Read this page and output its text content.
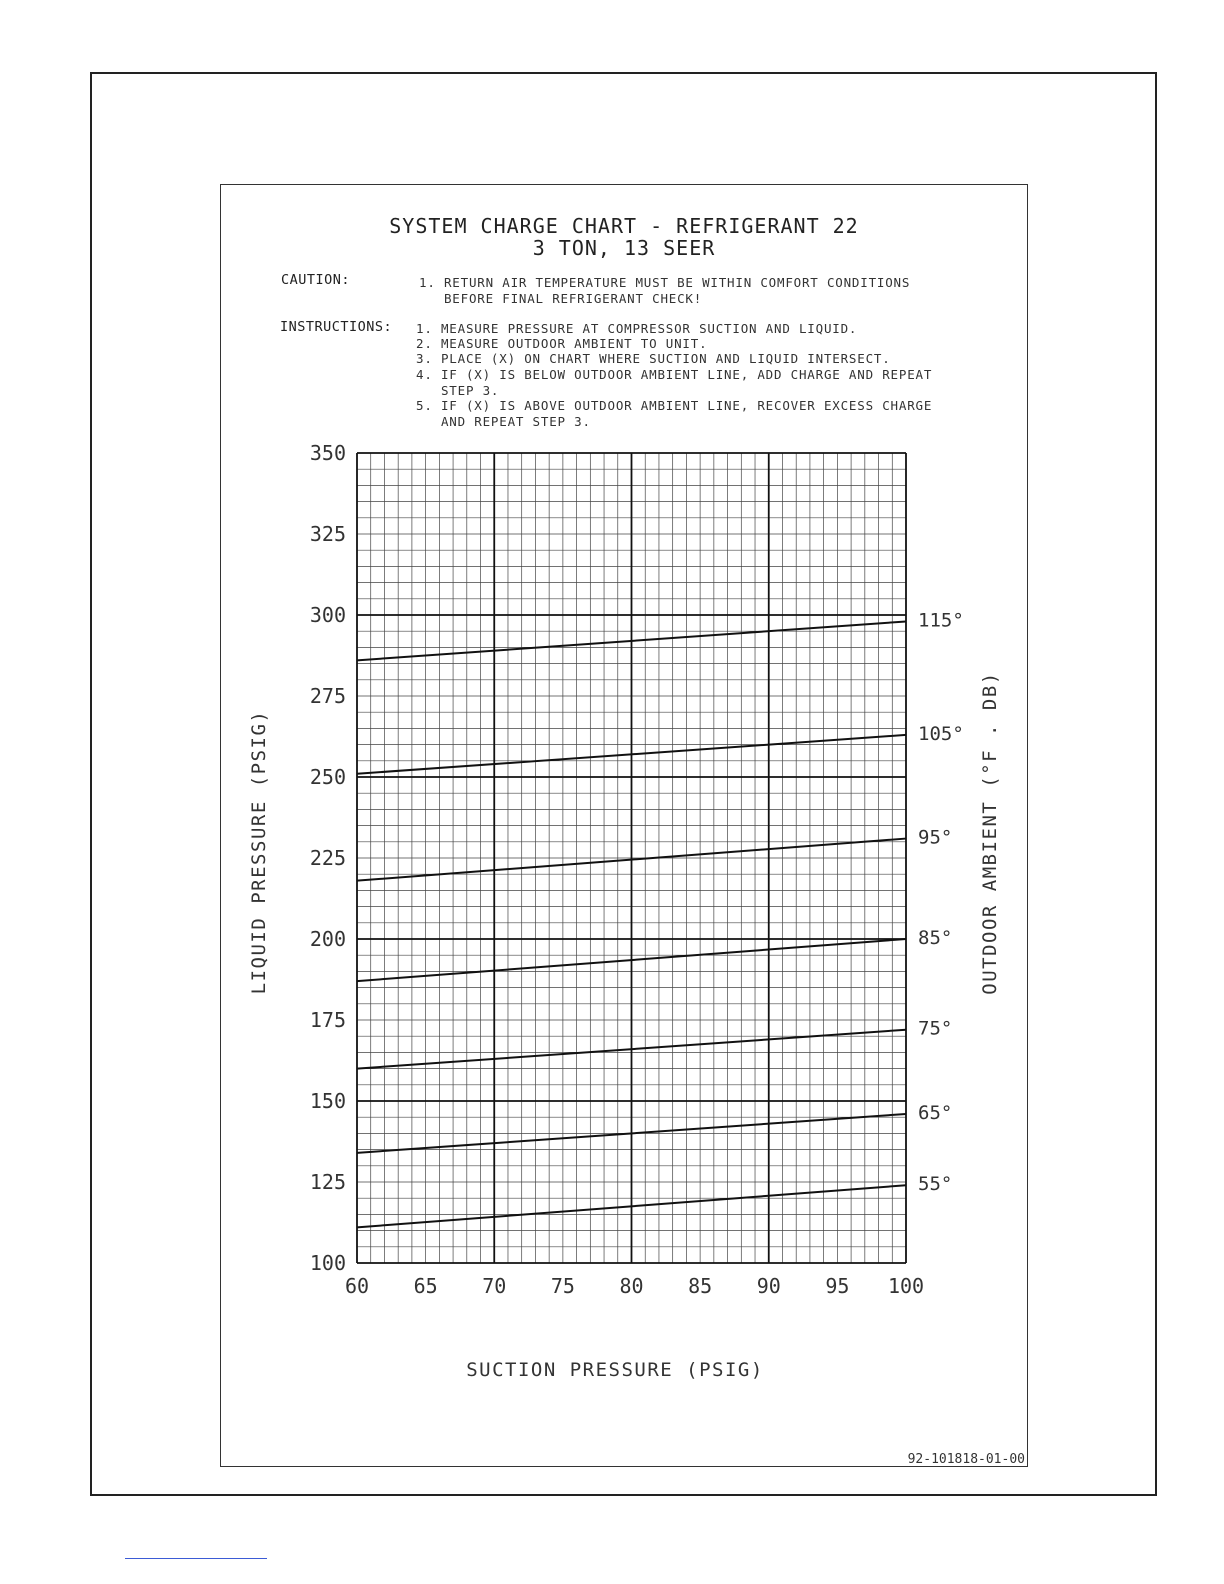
SYSTEM CHARGE CHART - REFRIGERANT 22
3 TON, 13 SEER
CAUTION:	1. RETURN AIR TEMPERATURE MUST BE WITHIN COMFORT CONDITIONS
BEFORE FINAL REFRIGERANT CHECK!
INSTRUCTIONS: 1. MEASURE PRESSURE AT COMPRESSOR SUCTION AND LIQUID.
2. MEASURE OUTDOOR AMBIENT TO UNIT.
3. PLACE (X) ON CHART WHERE SUCTION AND LIQUID INTERSECT.
4. IF (X) IS BELOW OUTDOOR AMBIENT LINE, ADD CHARGE AND REPEAT
STEP 3.
5. IF (X) IS ABOVE OUTDOOR AMBIENT LINE, RECOVER EXCESS CHARGE
AND REPEAT STEP 3.
60 65 70 75 80 85 90 95 100
100
125
150
175
200
225
250
275
300
325
350
115°
105°
95°
85°
75°
65°
55°
LIQUID PRESSURE (PSIG)	OUTDOOR AMBIENT (°F . DB)
SUCTION PRESSURE (PSIG)
92-101818-01-00
